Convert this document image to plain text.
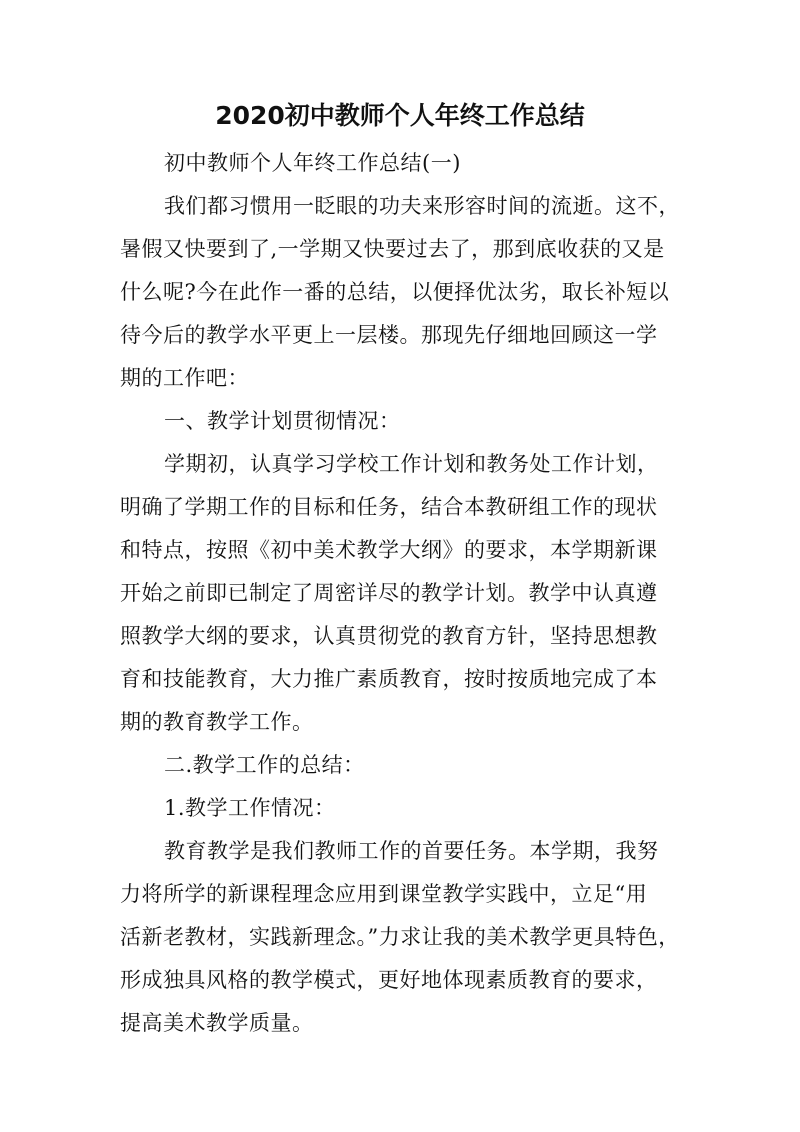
2020初中教师个人年终工作总结
初中教师个人年终工作总结(一)
我们都习惯用一眨眼的功夫来形容时间的流逝。这不，
暑假又快要到了,一学期又快要过去了，那到底收获的又是
什么呢?今在此作一番的总结，以便择优汰劣，取长补短以
待今后的教学水平更上一层楼。那现先仔细地回顾这一学
期的工作吧：
一、教学计划贯彻情况：
学期初，认真学习学校工作计划和教务处工作计划，
明确了学期工作的目标和任务，结合本教研组工作的现状
和特点，按照《初中美术教学大纲》的要求，本学期新课
开始之前即已制定了周密详尽的教学计划。教学中认真遵
照教学大纲的要求，认真贯彻党的教育方针，坚持思想教
育和技能教育，大力推广素质教育，按时按质地完成了本
期的教育教学工作。
二.教学工作的总结：
1.教学工作情况：
教育教学是我们教师工作的首要任务。本学期，我努
力将所学的新课程理念应用到课堂教学实践中，立足“用
活新老教材，实践新理念。”力求让我的美术教学更具特色，
形成独具风格的教学模式，更好地体现素质教育的要求，
提高美术教学质量。
